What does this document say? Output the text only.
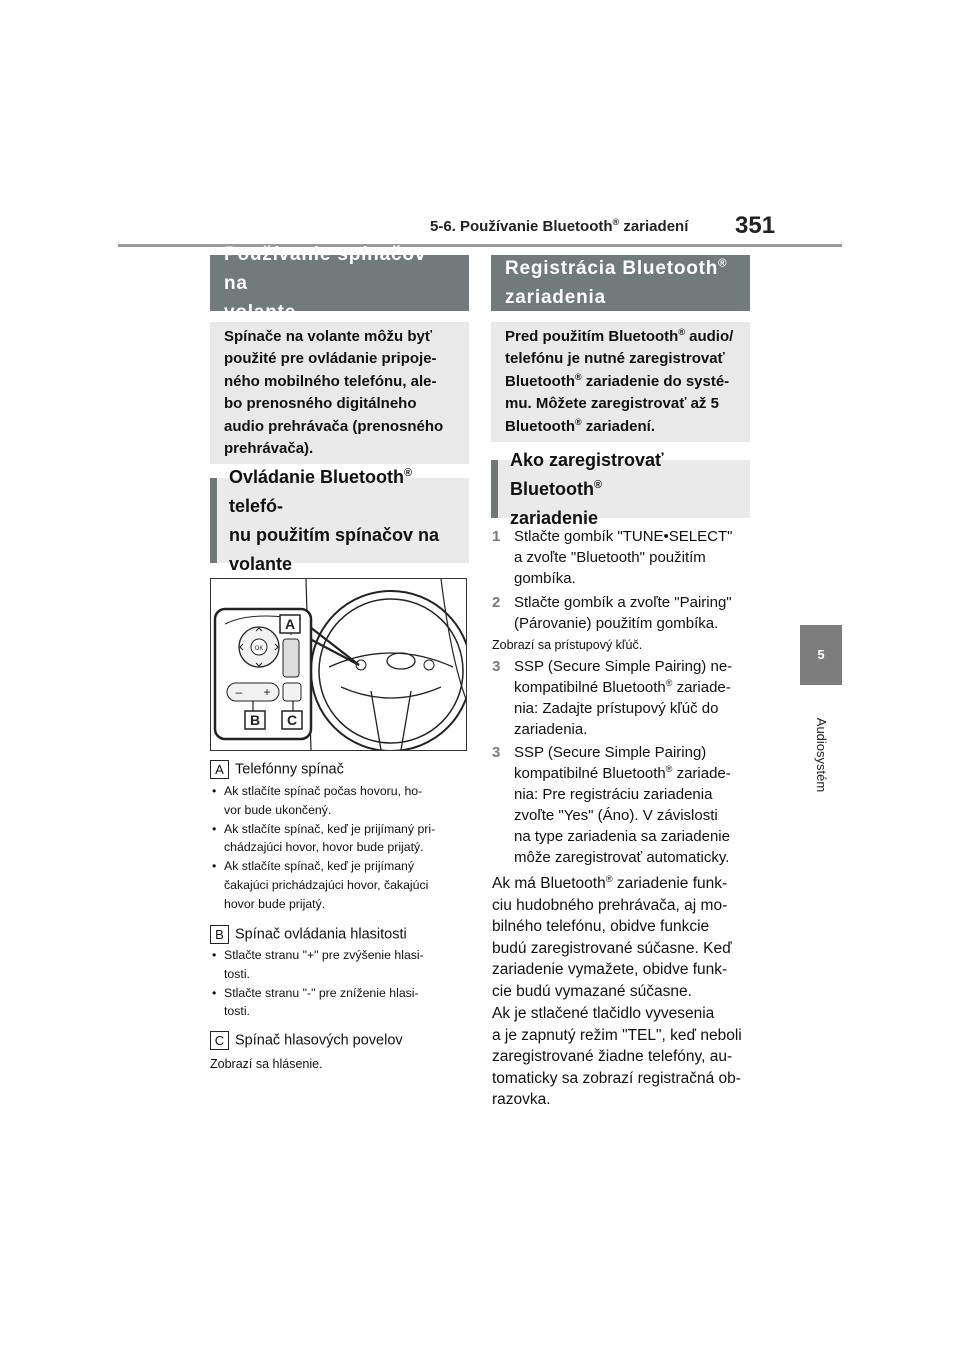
5-6. Používanie Bluetooth® zariadení 351
5
Audiosystém
Používanie spínačov na
volante
Spínače na volante môžu byť
použité pre ovládanie pripoje-
ného mobilného telefónu, ale-
bo prenosného digitálneho
audio prehrávača (prenosného
prehrávača).
Ovládanie Bluetooth® telefó-
nu použitím spínačov na
volante
OK
– +
A
B C
A Telefónny spínač
• Ak stlačíte spínač počas hovoru, ho-
vor bude ukončený.
• Ak stlačíte spínač, keď je prijímaný pri-
chádzajúci hovor, hovor bude prijatý.
• Ak stlačíte spínač, keď je prijímaný
čakajúci prichádzajúci hovor, čakajúci
hovor bude prijatý.
B Spínač ovládania hlasitosti
• Stlačte stranu "+" pre zvýšenie hlasi-
tosti.
• Stlačte stranu "-" pre zníženie hlasi-
tosti.
C Spínač hlasových povelov
Zobrazí sa hlásenie.
Registrácia Bluetooth®
zariadenia
Pred použitím Bluetooth® audio/
telefónu je nutné zaregistrovať
Bluetooth® zariadenie do systé-
mu. Môžete zaregistrovať až 5
Bluetooth® zariadení.
Ako zaregistrovať Bluetooth®
zariadenie
1 Stlačte gombík "TUNE•SELECT"
a zvoľte "Bluetooth" použitím
gombíka.
2 Stlačte gombík a zvoľte "Pairing"
(Párovanie) použitím gombíka.
Zobrazí sa prístupový kľúč.
3 SSP (Secure Simple Pairing) ne-
kompatibilné Bluetooth® zariade-
nia: Zadajte prístupový kľúč do
zariadenia.
3 SSP (Secure Simple Pairing)
kompatibilné Bluetooth® zariade-
nia: Pre registráciu zariadenia
zvoľte "Yes" (Áno). V závislosti
na type zariadenia sa zariadenie
môže zaregistrovať automaticky.
Ak má Bluetooth® zariadenie funk-
ciu hudobného prehrávača, aj mo-
bilného telefónu, obidve funkcie
budú zaregistrované súčasne. Keď
zariadenie vymažete, obidve funk-
cie budú vymazané súčasne.
Ak je stlačené tlačidlo vyvesenia
a je zapnutý režim "TEL", keď neboli
zaregistrované žiadne telefóny, au-
tomaticky sa zobrazí registračná ob-
razovka.
